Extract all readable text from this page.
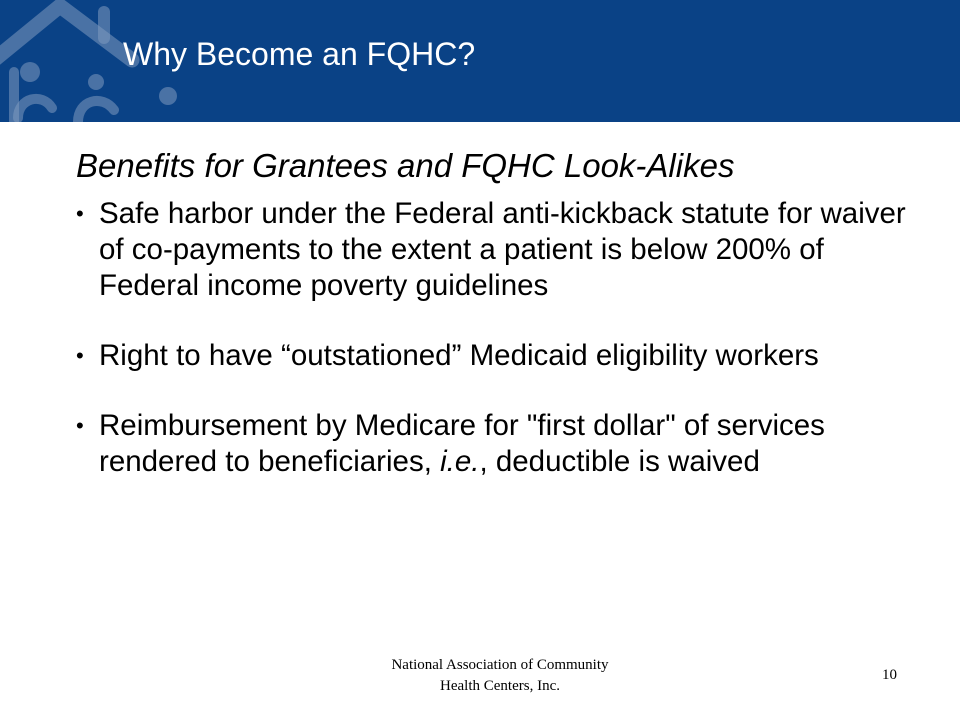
Why Become an FQHC?
Benefits for Grantees and FQHC Look-Alikes
• Safe harbor under the Federal anti-kickback statute for waiver of co-payments to the extent a patient is below 200% of Federal income poverty guidelines
• Right to have “outstationed” Medicaid eligibility workers
• Reimbursement by Medicare for "first dollar" of services rendered to beneficiaries, i.e., deductible is waived

National Association of Community Health Centers, Inc.

10
